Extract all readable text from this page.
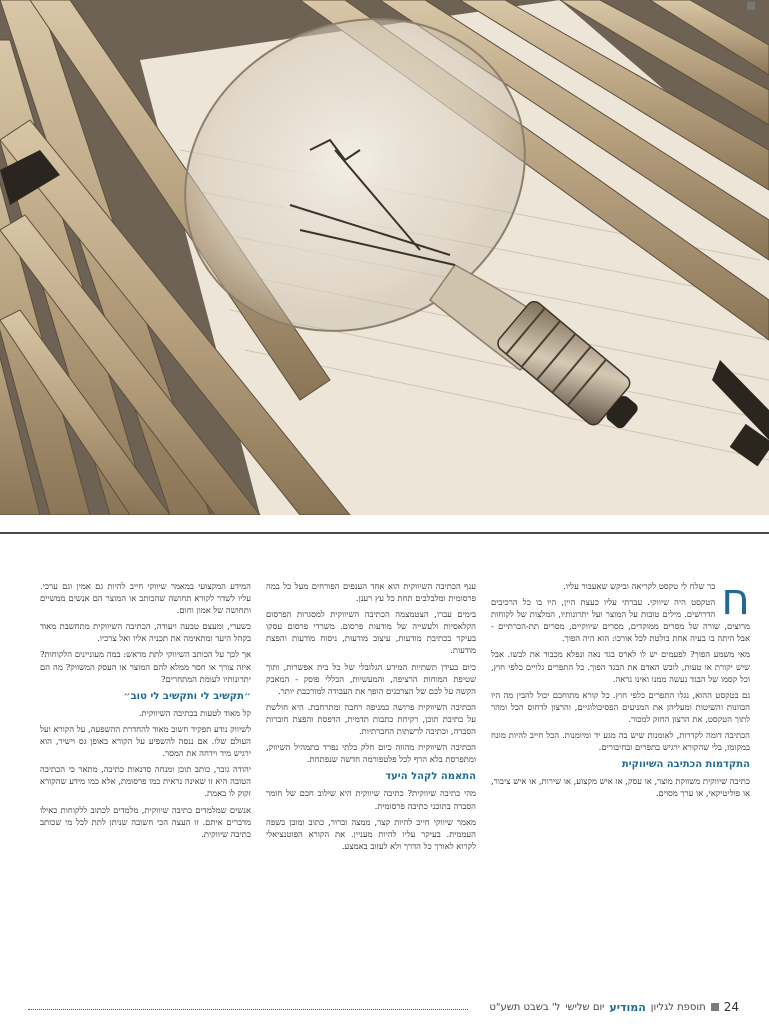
ח

בר שלח לי טקסט לקריאה וביקש שאעבור עליו.

הטקסט היה שיווקי. עברתי עליו כעצת היין, היו בו כל הרכיבים הדרושים. מילים טובות על המוצר ועל יתרונותיו, המלצות של לקוחות מרוצים, שורה של מסרים ממוקדים, מסרים שיווקיים, מסרים תת-הכרתיים - אבל היתה בו בעיה אחת בולטת לכל אורכו: הוא היה הפוך.

מאי משמע הפוך? לפעמים יש לו לארס בגד נאה ונפלא מכבוד את לבשו. אבל שיש יקורת או טעות, לובש האדם את הבגד הפוך. כל התפרים גלויים כלפי חוץ, וכל קסמו של הבגד נעשה ממנו ואינו נראה.

גם בטקסט ההוא, נגלו התפרים כלפי חוץ. כל קורא מתוחכם יכול להבין מה היו הכוונות והשיטות ומעליהן את המניעים הפסיכולוגיים, והרצון לדחוס הכל ומהר לתוך הטקסט, את הרצון החזק למכור.

הכתיבה דומה לקדרות, לאומנות שיש בה מגע יד ומיומנות. הכל חייב להיות מונח במקומו, בלי שהקורא ירגיש בתפרים ובחיבורים.

התקדמות הכתיבה השיווקית

כתיבה שיווקית משווקת מוצר, או עסק, או איש מקצוע, או שירות, או איש ציבור, או פוליטיקאי, או ערך מסוים.

ענף הכתיבה השיווקית הוא אחד הענפים הפורחים מעל כל במה פרסומית ומלבלבים תחת כל עץ רענן.

בימים עברו, הצטמצמה הכתיבה השיווקית למסגרות הפרסום הקלאסיות ולעשייה של מודעות פרסום. משרדי פרסום עסקו בעיקר בכתיבת מודעות, עיצוב מודעות, ניסוח מודעות והפצת מודעות.

כיום בעידן תשתיות המידע הגלובלי של כל בית אפשרות, ותוך שטיפת המוחות הרציפה, והמעשיות, הכללי פוסק - המאבק הקשה על לבם של הצרכנים הופך את העבודה למורכבת יותר.

הכתיבה השיווקית פרושה כמניפה רחבה ומתרחבת. היא חולשת על כתיבת תוכן, רקיחת כתבות תדמית, הדפסת והפצת חוברות הסברה, וכתיבה לרשתות החברתיות.

הכתיבה השיווקית מהווה כיום חלק בלתי נפרד בתמהיל השיווק, ומתפרסת בלא הרף לכל פלטפורמה חדשה שנפתחת.

התאמה לקהל היעד

מהי כתיבה שיווקית? כתיבה שיווקית היא שילוב חכם של חומר הסברה בתוכני כתיבה פרסומית.

מאמר שיווקי חייב להיות קצר, ממצה וברור, כתוב ומובן בשפה העממית. בעיקר עליו להיות מעניין. את הקורא הפוטנציאלי לקרוא לאורך כל הדרך ולא לעזוב באמצע.

המידע המקצועי במאמר שיווקי חייב להיות גם אמין וגם ערכי. עליו לשדר לקורא תחושה שהכותב או המוצר הם אנשים ממשיים ותחושה של אמון וחום.

כשערי, ומעצם טבעה ויעודה, הכתיבה השיווקית מתחשבת מאוד בקהל היעד ומתאימה את תכניה אליו ואל צרכיו.

אך לכך על הכותב השיווקי לתת מראש: במה מעוניינים הלקוחות? איזה צורך או חסר ממלא להם המוצר או העסק המשווק? מה הם יתרונותיו לעומת המתחרים?

״תקשיב לי ותקשיב לי טוב״

קל מאוד לטעות בכתיבה השיווקית.

לשיווק נודע תפקיד חשוב מאוד להחדרת ההשפעה, על הקורא ועל העולם שלו. אם ננסה להשפיע על הקורא באופן גס וישיר, הוא ירגיש מיד וידחה את המסר.

יהודה גובר, כותב תוכן ומנחה סדנאות כתיבה, מתאר כי הכתיבה הטובה היא זו שאינה נראית כמו פרסומת, אלא כמו מידע שהקורא זקוק לו באמת.

אנשים שמלמדים כתיבה שיווקית, מלמדים לכתוב ללקוחות כאילו מדברים איתם. זו העצה הכי חשובה שניתן לתת לכל מי שכותב כתיבה שיווקית.

24
תוספת לגליון
המודיע
יום שלישי
ל' בשבט תשע"ט
